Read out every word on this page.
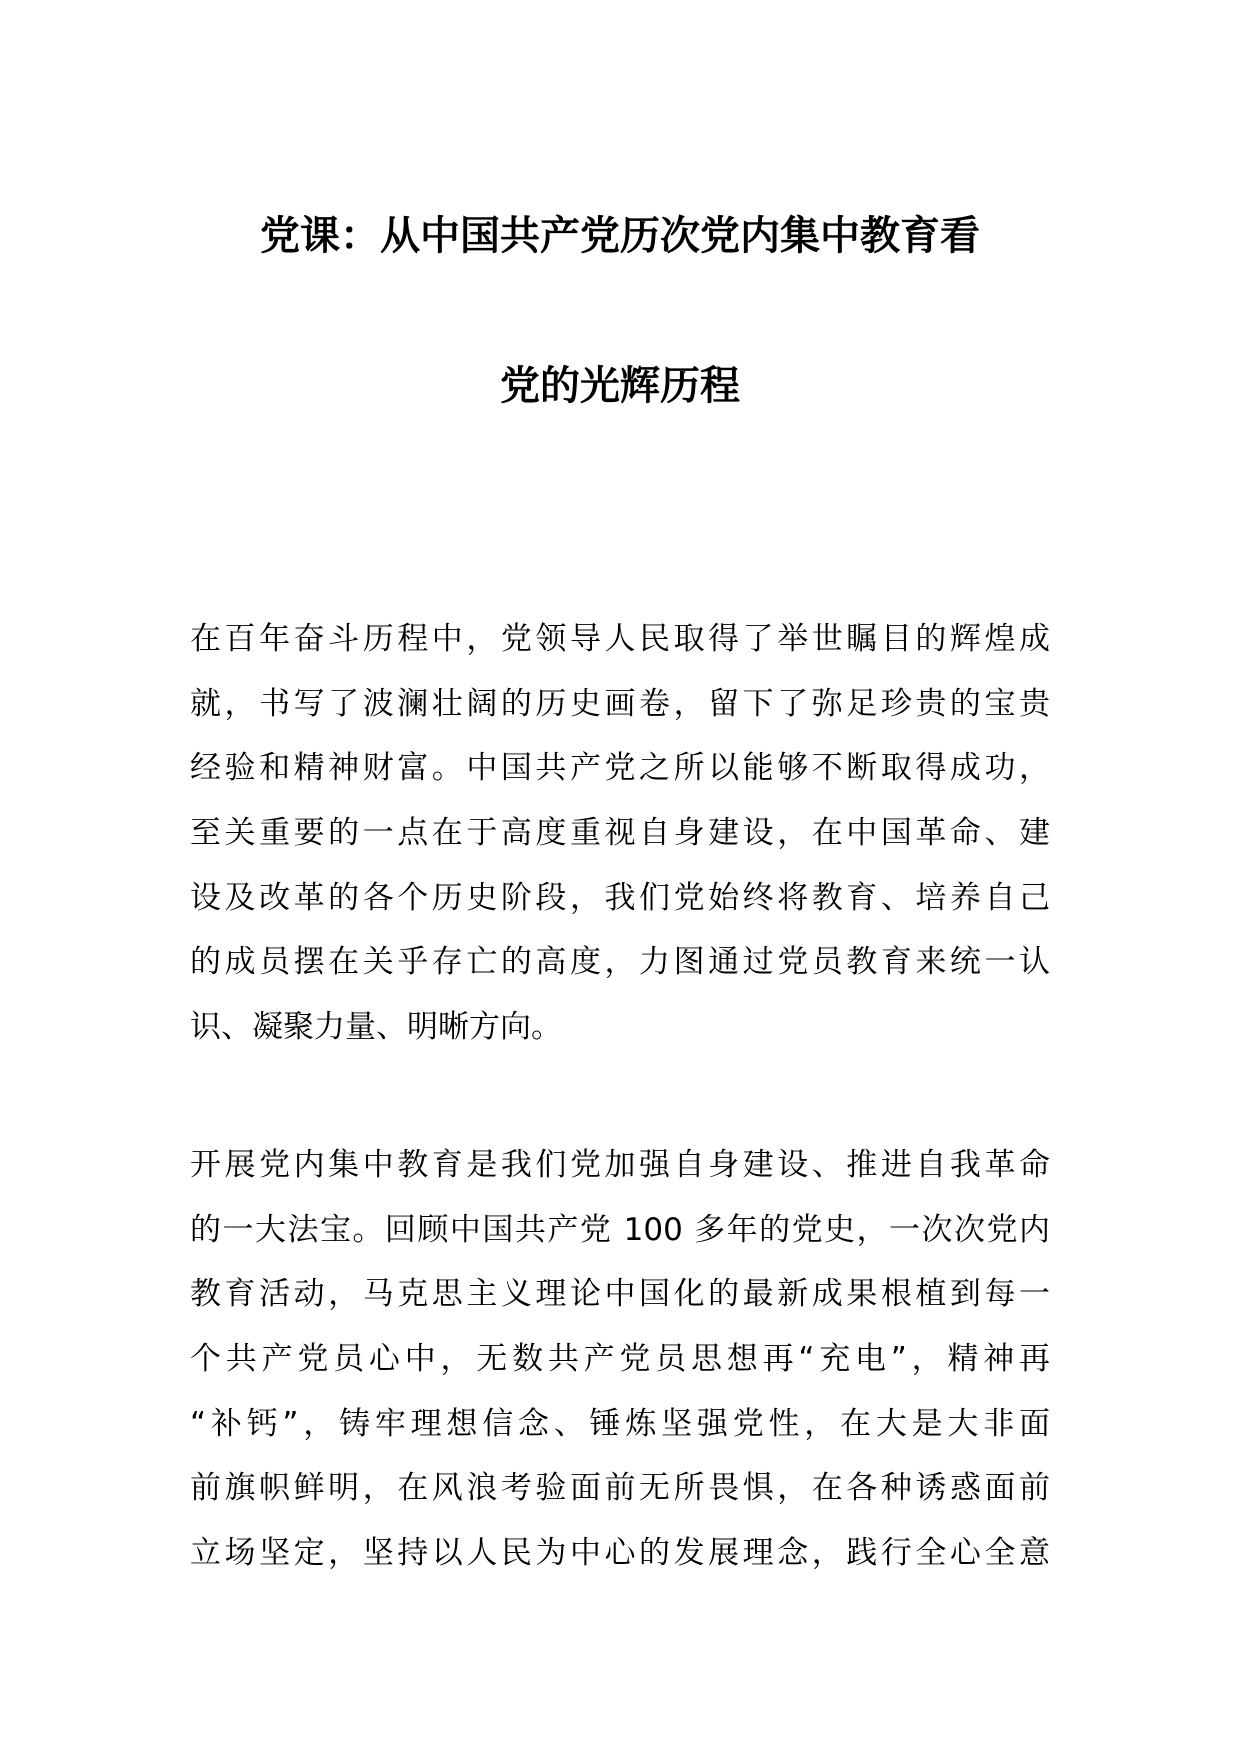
党课：从中国共产党历次党内集中教育看
党的光辉历程

在百年奋斗历程中，党领导人民取得了举世瞩目的辉煌成
就，书写了波澜壮阔的历史画卷，留下了弥足珍贵的宝贵
经验和精神财富。中国共产党之所以能够不断取得成功，
至关重要的一点在于高度重视自身建设，在中国革命、建
设及改革的各个历史阶段，我们党始终将教育、培养自己
的成员摆在关乎存亡的高度，力图通过党员教育来统一认
识、凝聚力量、明晰方向。

开展党内集中教育是我们党加强自身建设、推进自我革命
的一大法宝。回顾中国共产党 100 多年的党史，一次次党内
教育活动，马克思主义理论中国化的最新成果根植到每一
个共产党员心中，无数共产党员思想再“充电”，精神再
“补钙”，铸牢理想信念、锤炼坚强党性，在大是大非面
前旗帜鲜明，在风浪考验面前无所畏惧，在各种诱惑面前
立场坚定，坚持以人民为中心的发展理念，践行全心全意
